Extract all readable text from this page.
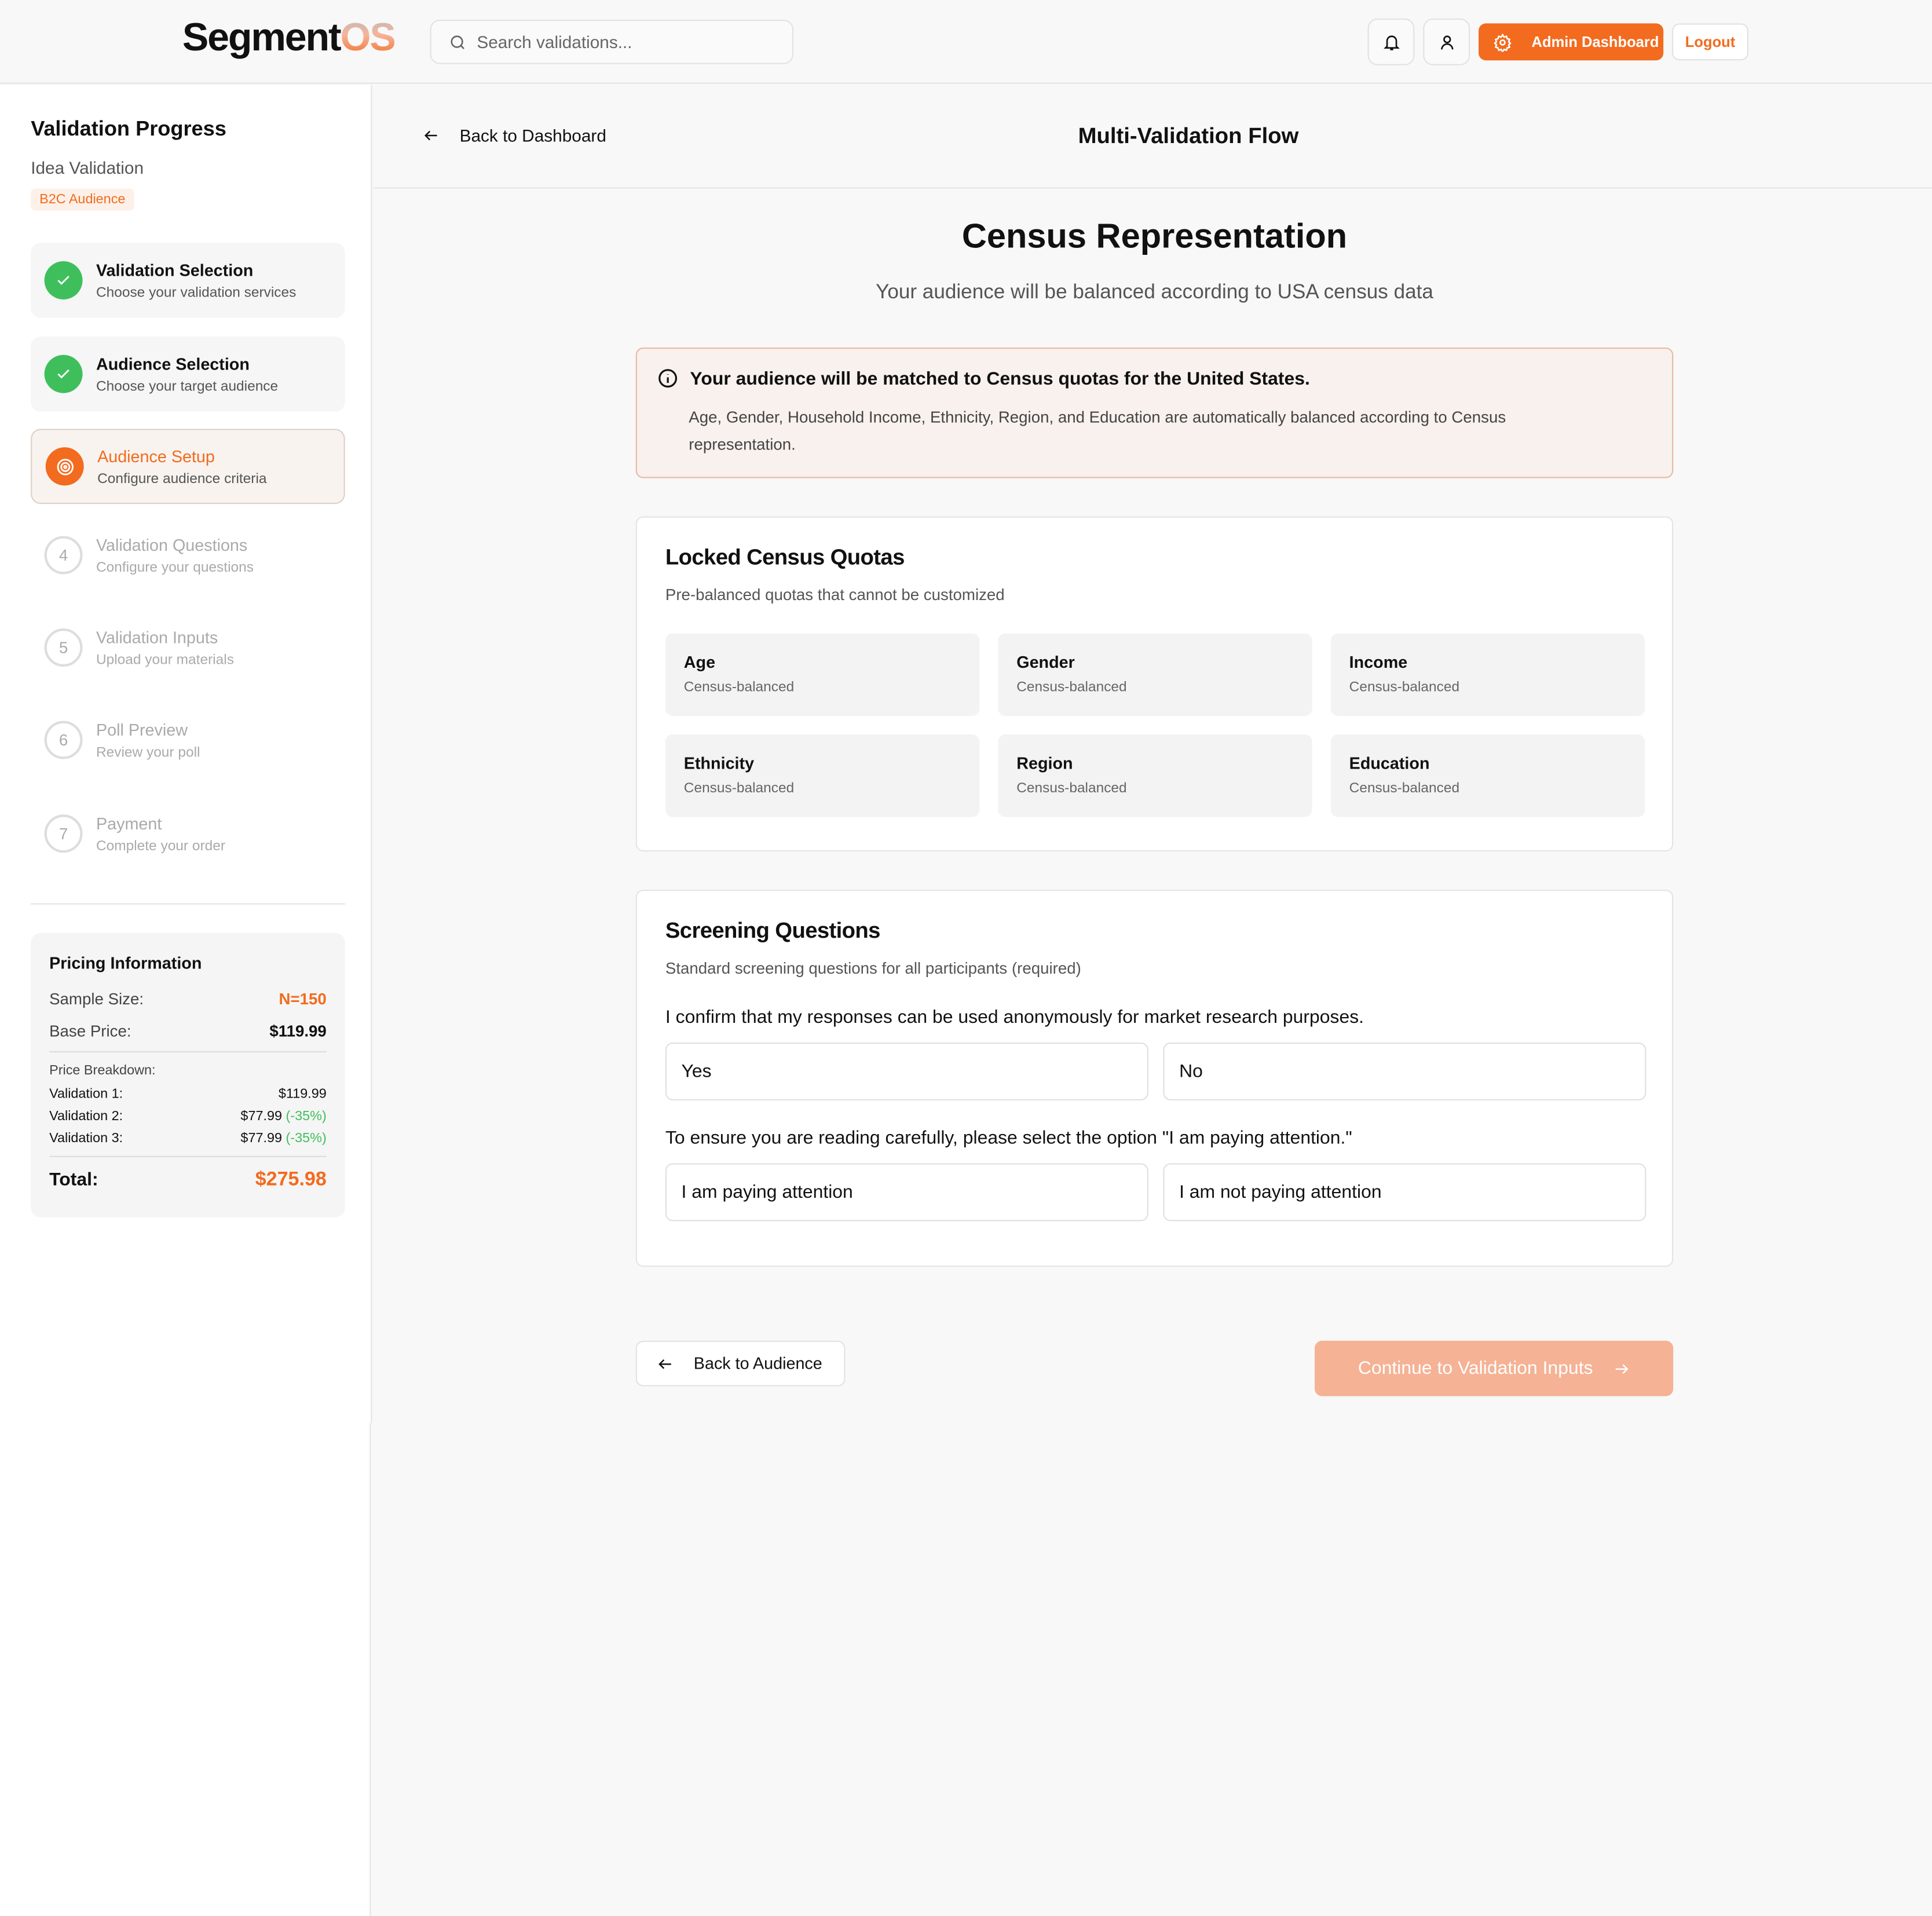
SegmentOS	Search validations...	Admin Dashboard	Logout
Validation Progress
Idea Validation
B2C Audience
Validation Selection
Choose your validation services
Audience Selection
Choose your target audience
Audience Setup
Configure audience criteria
4
Validation Questions
Configure your questions
5
Validation Inputs
Upload your materials
6
Poll Preview
Review your poll
7
Payment
Complete your order
Pricing Information
Sample Size:	N=150
Base Price:	$119.99
Price Breakdown:
Validation 1:	$119.99
Validation 2:	$77.99 (-35%)
Validation 3:	$77.99 (-35%)
Total:	$275.98
Back to Dashboard	Multi-Validation Flow
Census Representation
Your audience will be balanced according to USA census data
Your audience will be matched to Census quotas for the United States.
Age, Gender, Household Income, Ethnicity, Region, and Education are automatically balanced according to Census representation.
Locked Census Quotas
Pre-balanced quotas that cannot be customized
Age
Census-balanced
Gender
Census-balanced
Income
Census-balanced
Ethnicity
Census-balanced
Region
Census-balanced
Education
Census-balanced
Screening Questions
Standard screening questions for all participants (required)
I confirm that my responses can be used anonymously for market research purposes.
Yes	No
To ensure you are reading carefully, please select the option "I am paying attention."
I am paying attention	I am not paying attention
Back to Audience	Continue to Validation Inputs
